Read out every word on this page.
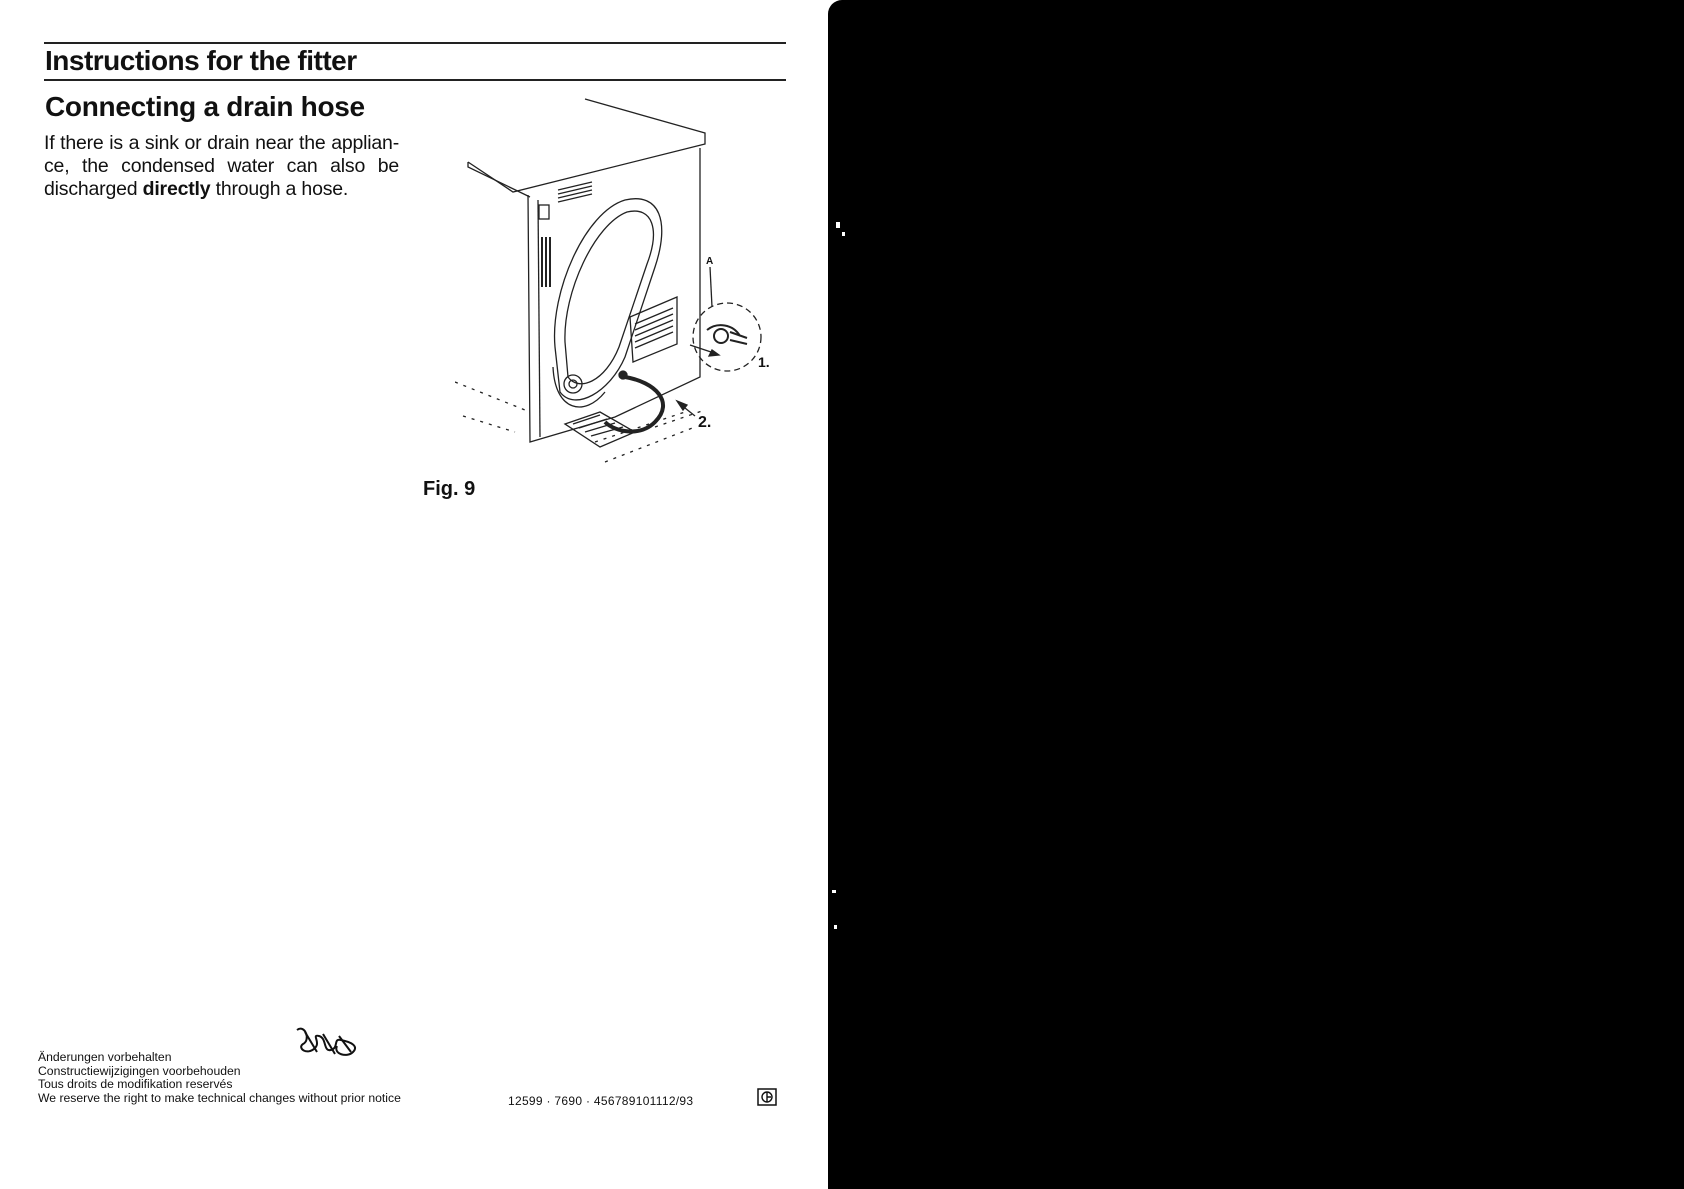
Instructions for the fitter
Connecting a drain hose

If there is a sink or drain near the applian-ce, the condensed water can also be discharged directly through a hose.

A
1.
2.
Fig. 9
Änderungen vorbehalten
Constructiewijzigingen voorbehouden
Tous droits de modifikation reservés
We reserve the right to make technical changes without prior notice	12599 · 7690 · 456789101112/93
